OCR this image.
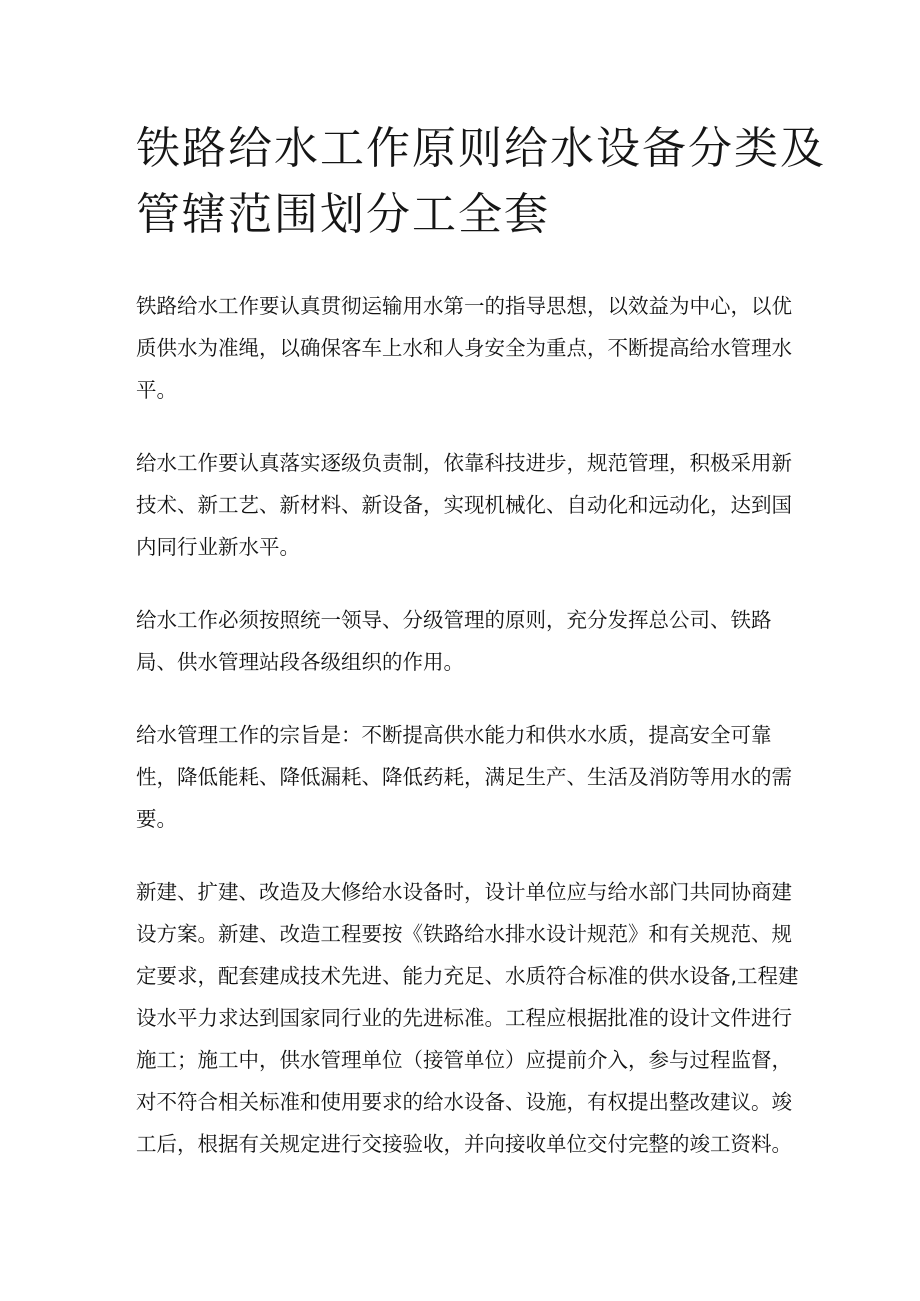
铁路给水工作原则给水设备分类及管辖范围划分工全套

铁路给水工作要认真贯彻运输用水第一的指导思想，以效益为中心，以优质供水为准绳，以确保客车上水和人身安全为重点，不断提高给水管理水平。

给水工作要认真落实逐级负责制，依靠科技进步，规范管理，积极采用新技术、新工艺、新材料、新设备，实现机械化、自动化和远动化，达到国内同行业新水平。

给水工作必须按照统一领导、分级管理的原则，充分发挥总公司、铁路局、供水管理站段各级组织的作用。

给水管理工作的宗旨是：不断提高供水能力和供水水质，提高安全可靠性，降低能耗、降低漏耗、降低药耗，满足生产、生活及消防等用水的需要。

新建、扩建、改造及大修给水设备时，设计单位应与给水部门共同协商建设方案。新建、改造工程要按《铁路给水排水设计规范》和有关规范、规定要求，配套建成技术先进、能力充足、水质符合标准的供水设备,工程建设水平力求达到国家同行业的先进标准。工程应根据批准的设计文件进行施工；施工中，供水管理单位（接管单位）应提前介入，参与过程监督，对不符合相关标准和使用要求的给水设备、设施，有权提出整改建议。竣工后，根据有关规定进行交接验收，并向接收单位交付完整的竣工资料。
